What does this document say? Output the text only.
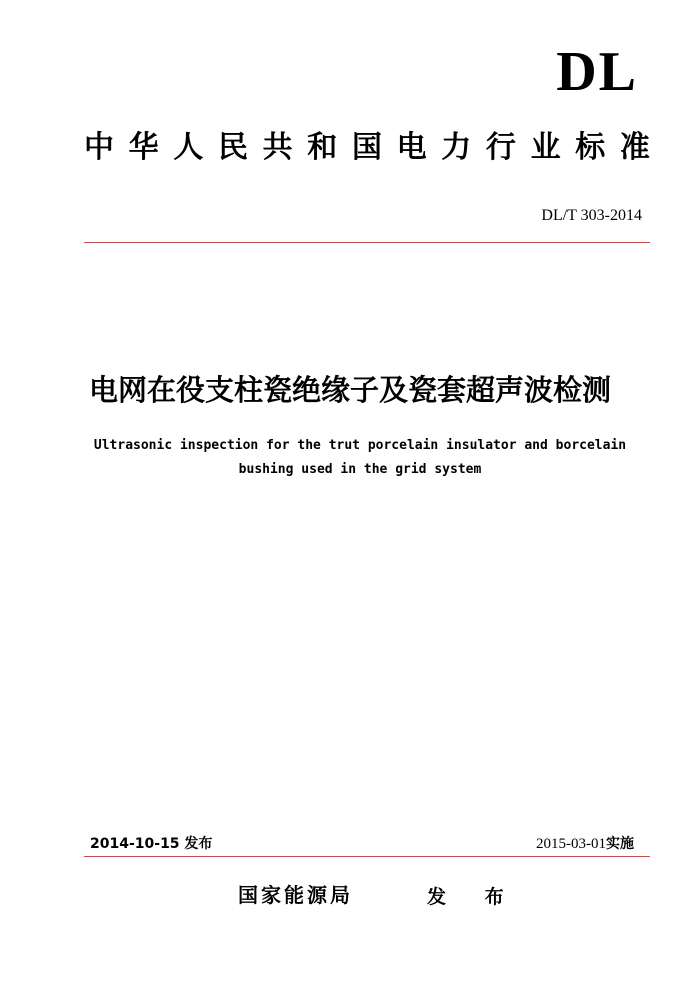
DL
中 华 人 民 共 和 国 电 力 行 业 标 准
DL/T 303-2014
电网在役支柱瓷绝缘子及瓷套超声波检测
Ultrasonic inspection for the trut porcelain insulator and borcelain
bushing used in the grid system
2014-10-15 发布	2015-03-01实施
国家能源局	发 布
